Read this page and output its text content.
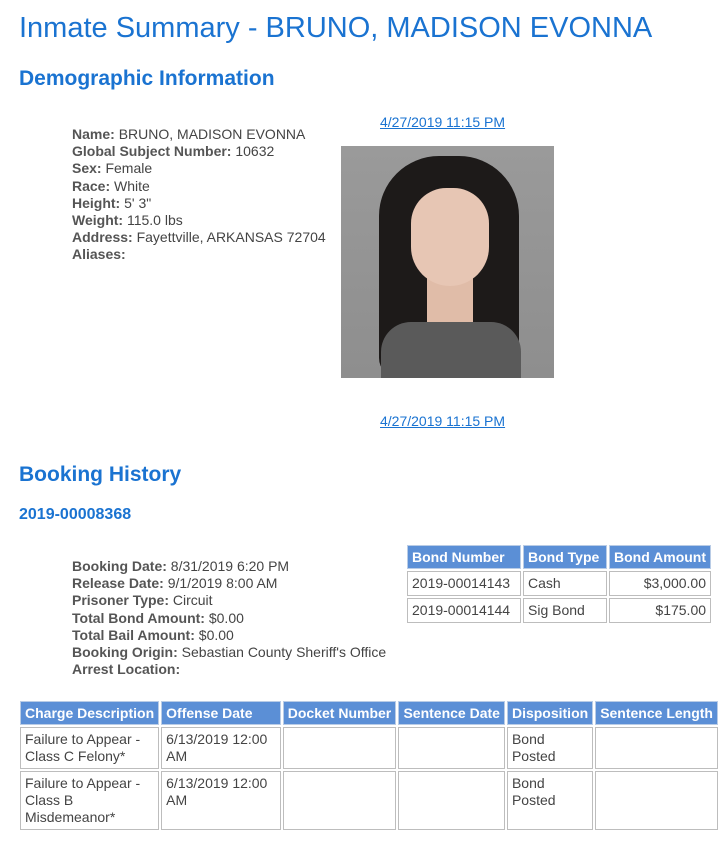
Inmate Summary - BRUNO, MADISON EVONNA
Demographic Information
Name: BRUNO, MADISON EVONNA
Global Subject Number: 10632
Sex: Female
Race: White
Height: 5' 3"
Weight: 115.0 lbs
Address: Fayettville, ARKANSAS 72704
Aliases:
4/27/2019 11:15 PM
4/27/2019 11:15 PM
Booking History
2019-00008368
Booking Date: 8/31/2019 6:20 PM
Release Date: 9/1/2019 8:00 AM
Prisoner Type: Circuit
Total Bond Amount: $0.00
Total Bail Amount: $0.00
Booking Origin: Sebastian County Sheriff's Office
Arrest Location:
Bond Number	Bond Type	Bond Amount
2019-00014143	Cash	$3,000.00
2019-00014144	Sig Bond	$175.00
Charge Description	Offense Date	Docket Number	Sentence Date	Disposition	Sentence Length
Failure to Appear - Class C Felony*	6/13/2019 12:00 AM			Bond Posted	
Failure to Appear - Class B Misdemeanor*	6/13/2019 12:00 AM			Bond Posted	
